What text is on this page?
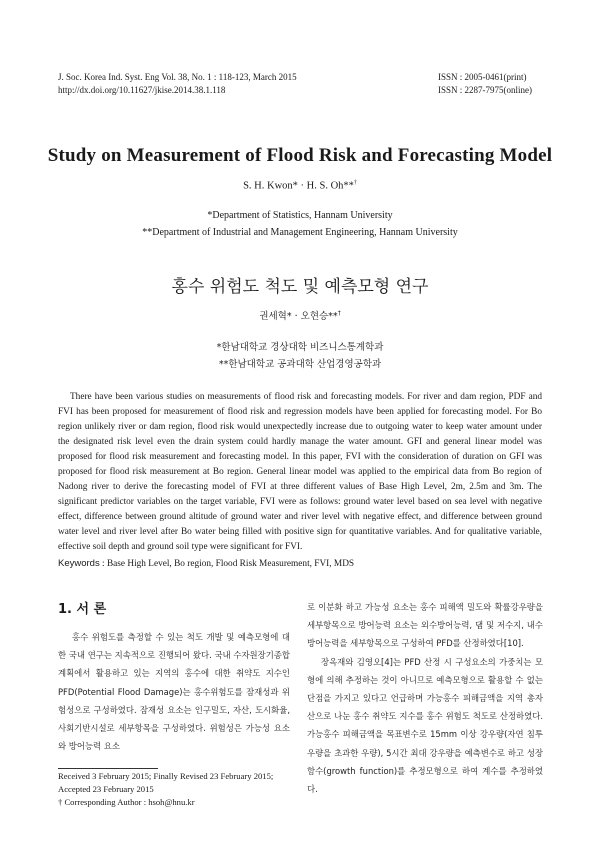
J. Soc. Korea Ind. Syst. Eng Vol. 38, No. 1 : 118-123, March 2015
http://dx.doi.org/10.11627/jkise.2014.38.1.118
ISSN : 2005-0461(print)
ISSN : 2287-7975(online)
Study on Measurement of Flood Risk and Forecasting Model
S. H. Kwon* · H. S. Oh**†
*Department of Statistics, Hannam University
**Department of Industrial and Management Engineering, Hannam University
홍수 위험도 척도 및 예측모형 연구
권세혁* · 오현승**†
*한남대학교 경상대학 비즈니스통계학과
**한남대학교 공과대학 산업경영공학과

There have been various studies on measurements of flood risk and forecasting models. For river and dam region, PDF and FVI has been proposed for measurement of flood risk and regression models have been applied for forecasting model. For Bo region unlikely river or dam region, flood risk would unexpectedly increase due to outgoing water to keep water amount under the designated risk level even the drain system could hardly manage the water amount. GFI and general linear model was proposed for flood risk measurement and forecasting model. In this paper, FVI with the consideration of duration on GFI was proposed for flood risk measurement at Bo region. General linear model was applied to the empirical data from Bo region of Nadong river to derive the forecasting model of FVI at three different values of Base High Level, 2m, 2.5m and 3m. The significant predictor variables on the target variable, FVI were as follows: ground water level based on sea level with negative effect, difference between ground altitude of ground water and river level with negative effect, and difference between ground water level and river level after Bo water being filled with positive sign for quantitative variables. And for qualitative variable, effective soil depth and ground soil type were significant for FVI.

Keywords : Base High Level, Bo region, Flood Risk Measurement, FVI, MDS
1. 서 론

홍수 위험도를 측정할 수 있는 척도 개발 및 예측모형에 대한 국내 연구는 지속적으로 진행되어 왔다. 국내 수자원장기종합계획에서 활용하고 있는 지역의 홍수에 대한 취약도 지수인 PFD(Potential Flood Damage)는 홍수위험도를 잠재성과 위험성으로 구성하였다. 잠재성 요소는 인구밀도, 자산, 도시화율, 사회기반시설로 세부항목을 구성하였다. 위험성은 가능성 요소와 방어능력 요소

로 이분화 하고 가능성 요소는 홍수 피해액 밀도와 확률강우량을 세부항목으로 방어능력 요소는 외수방어능력, 댐 및 저수지, 내수방어능력을 세부항목으로 구성하여 PFD를 산정하였다[10].

장옥재와 김영오[4]는 PFD 산정 시 구성요소의 가중치는 모형에 의해 추정하는 것이 아니므로 예측모형으로 활용할 수 없는 단점을 가지고 있다고 언급하며 가능홍수 피해금액을 지역 총자산으로 나눈 홍수 취약도 지수를 홍수 위험도 척도로 산정하였다. 가능홍수 피해금액을 목표변수로 15mm 이상 강우량(자연 침투 우량을 초과한 우량), 5시간 최대 강우량을 예측변수로 하고 성장함수(growth function)를 추정모형으로 하여 계수를 추정하였다.

Received 3 February 2015; Finally Revised 23 February 2015;
Accepted 23 February 2015
† Corresponding Author : hsoh@hnu.kr
